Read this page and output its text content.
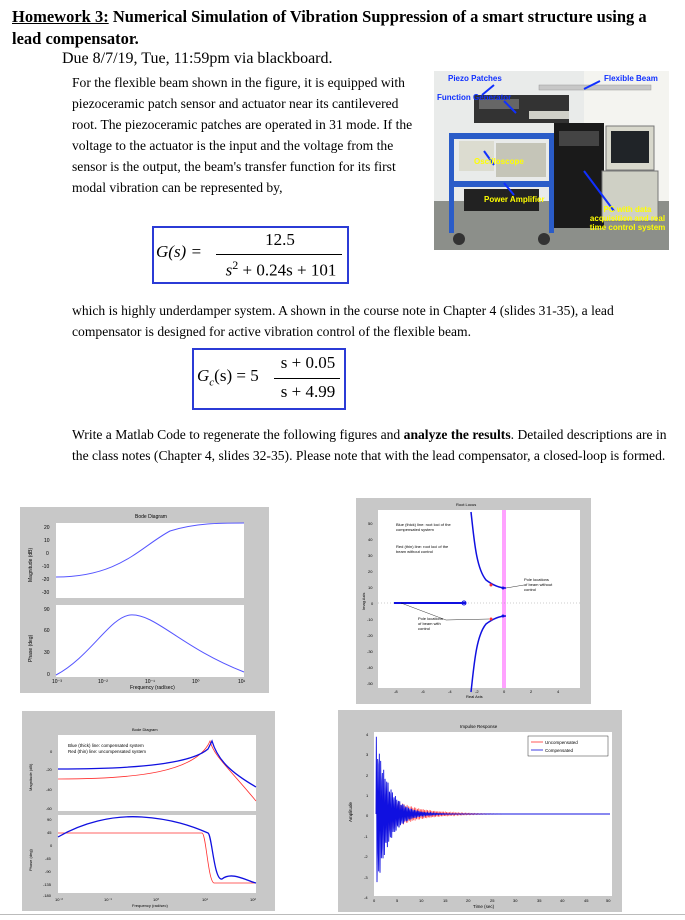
Homework 3: Numerical Simulation of Vibration Suppression of a smart structure using a lead compensator.
Due 8/7/19, Tue, 11:59pm via blackboard.
For the flexible beam shown in the figure, it is equipped with piezoceramic patch sensor and actuator near its cantilevered root. The piezoceramic patches are operated in 31 mode. If the voltage to the actuator is the input and the voltage from the sensor is the output, the beam's transfer function for its first modal vibration can be represented by,
Piezo Patches	Flexible Beam
Function Generator
Oscilloscope
Power Amplifier
PC with data
acquisition and real
time control system
G(s) =
12.5
$s^2 + 0.24s + 101$
which is highly underdamper system. A shown in the course note in Chapter 4 (slides 31-35), a lead compensator is designed for active vibration control of the flexible beam.
$G_c(s) = 5$
s + 0.05
s + 4.99
Write a Matlab Code to regenerate the following figures and analyze the results. Detailed descriptions are in the class notes (Chapter 4, slides 32-35). Please note that with the lead compensator, a closed-loop is formed.
Bode Diagram
Frequency (rad/sec)
Magnitude (dB)
Phase (deg)
20
10
0
-10
-20
-30
90
60
30
0
10⁻³	10⁻²	10⁻¹	10⁰	10¹
Root Locus
Real Axis
Imag Axis
Blue (thick) line: root loci of the
compensated system
Red (thin) line: root loci of the
beam without control
Pole locations
of beam without
control
Pole locations
of beam with
control
50
40
30
20
10
0
-10
-20
-30
-40
-50
-8	-6	-4	-2	0	2	4
Bode Diagram
Frequency (rad/sec)
Magnitude (dB)
Phase (deg)
Blue (thick) line: compensated system
Red (thin) line: uncompensated system
0
-20
-40
-60
90
45
0
-45
-90
-135
-180
10⁻²	10⁻¹	10⁰	10¹	10²
Uncompensated
Compensated
Impulse Response
Time (sec)
Amplitude
4
3
2
1
0
-1
-2
-3
-4
0	5	10	15	20	25	30	35	40	45	50
